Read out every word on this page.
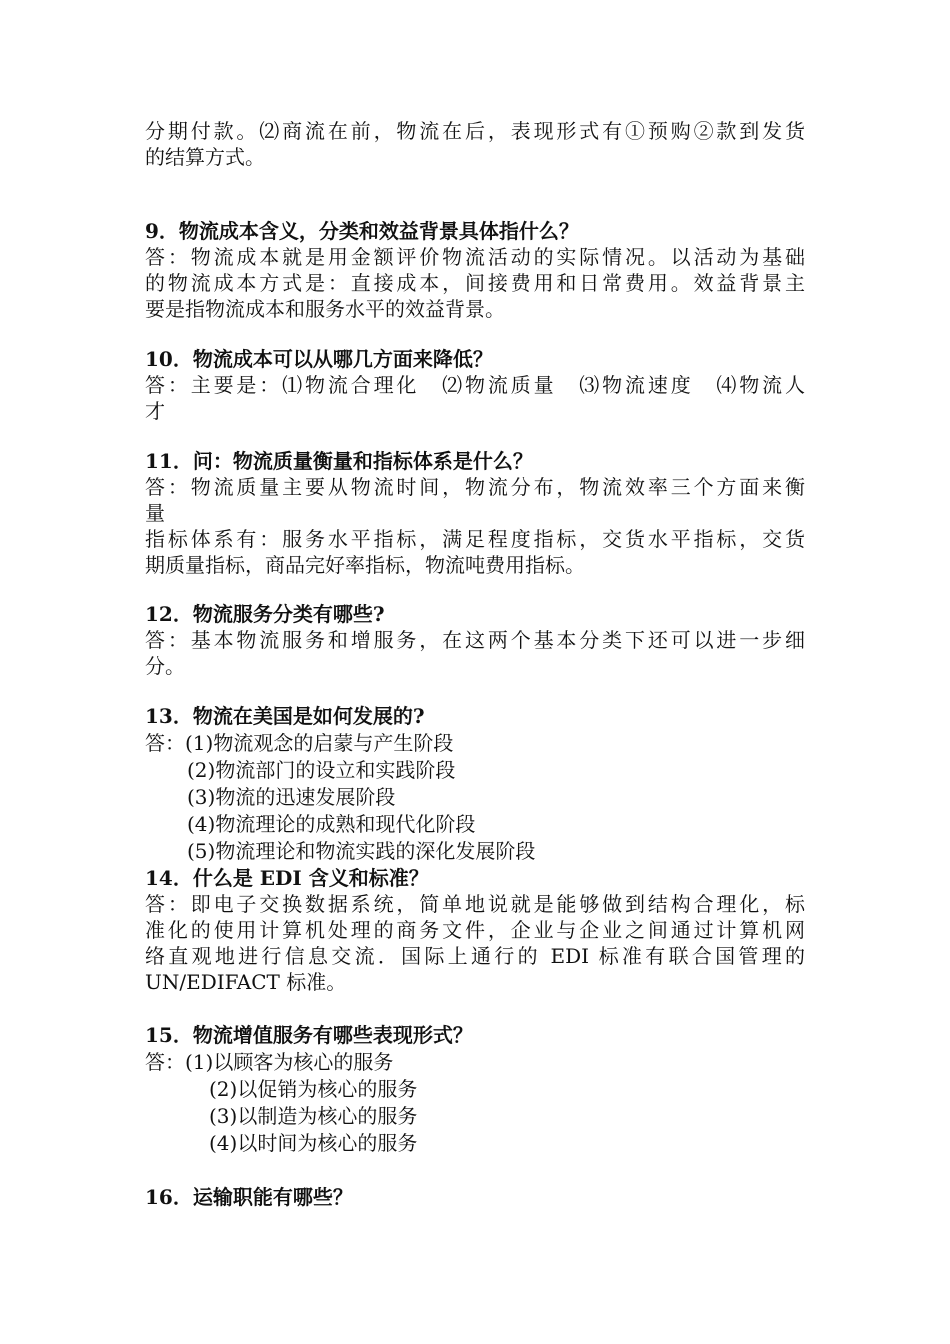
分期付款。⑵商流在前，物流在后，表现形式有①预购②款到发货
的结算方式。
9．物流成本含义，分类和效益背景具体指什么？
答：物流成本就是用金额评价物流活动的实际情况。以活动为基础
的物流成本方式是：直接成本，间接费用和日常费用。效益背景主
要是指物流成本和服务水平的效益背景。
10．物流成本可以从哪几方面来降低？
答：主要是：⑴物流合理化　⑵物流质量　⑶物流速度　⑷物流人
才
11．问：物流质量衡量和指标体系是什么？
答：物流质量主要从物流时间，物流分布，物流效率三个方面来衡
量
指标体系有：服务水平指标，满足程度指标，交货水平指标，交货
期质量指标，商品完好率指标，物流吨费用指标。
12．物流服务分类有哪些?
答：基本物流服务和增服务，在这两个基本分类下还可以进一步细
分。
13．物流在美国是如何发展的?
答：(1)物流观念的启蒙与产生阶段
(2)物流部门的设立和实践阶段
(3)物流的迅速发展阶段
(4)物流理论的成熟和现代化阶段
(5)物流理论和物流实践的深化发展阶段
14．什么是 EDI 含义和标准？
答：即电子交换数据系统，简单地说就是能够做到结构合理化，标
准化的使用计算机处理的商务文件，企业与企业之间通过计算机网
络直观地进行信息交流．国际上通行的 EDI 标准有联合国管理的
UN/EDIFACT 标准。
15．物流增值服务有哪些表现形式？
答：(1)以顾客为核心的服务
(2)以促销为核心的服务
(3)以制造为核心的服务
(4)以时间为核心的服务
16．运输职能有哪些？
